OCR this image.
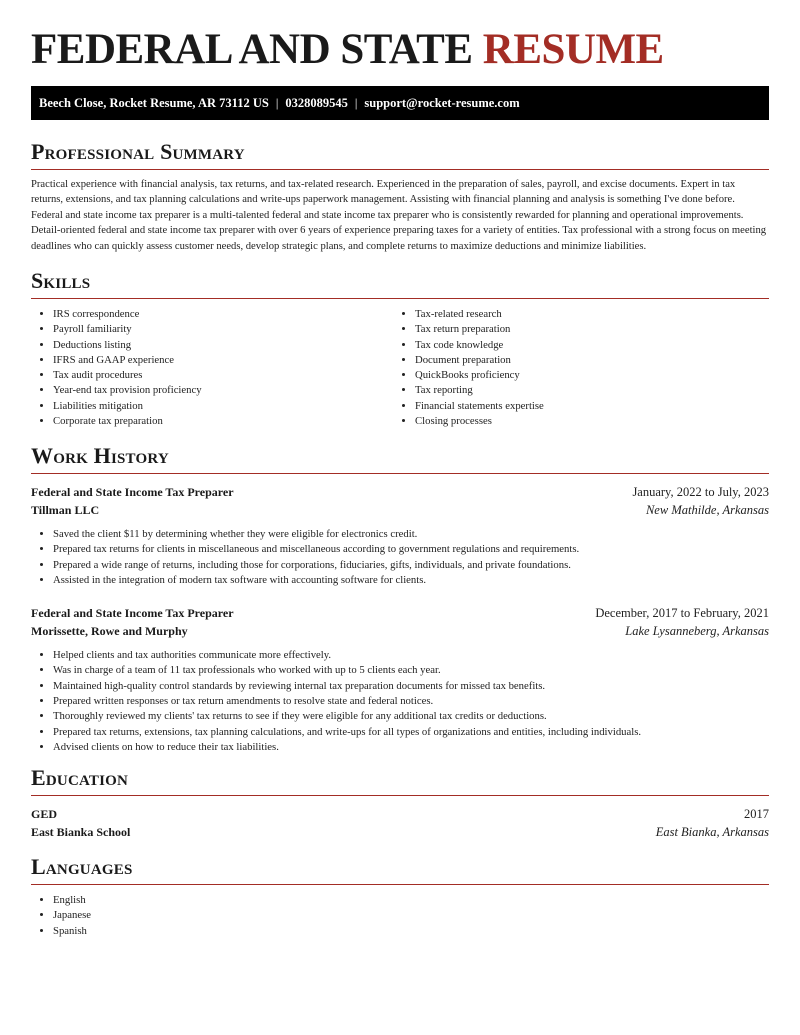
FEDERAL AND STATE RESUME
Beech Close, Rocket Resume, AR 73112 US | 0328089545 | support@rocket-resume.com
Professional Summary

Practical experience with financial analysis, tax returns, and tax-related research. Experienced in the preparation of sales, payroll, and excise documents. Expert in tax returns, extensions, and tax planning calculations and write-ups paperwork management. Assisting with financial planning and analysis is something I've done before. Federal and state income tax preparer is a multi-talented federal and state income tax preparer who is consistently rewarded for planning and operational improvements. Detail-oriented federal and state income tax preparer with over 6 years of experience preparing taxes for a variety of entities. Tax professional with a strong focus on meeting deadlines who can quickly assess customer needs, develop strategic plans, and complete returns to maximize deductions and minimize liabilities.

Skills
• IRS correspondence
• Payroll familiarity
• Deductions listing
• IFRS and GAAP experience
• Tax audit procedures
• Year-end tax provision proficiency
• Liabilities mitigation
• Corporate tax preparation
• Tax-related research
• Tax return preparation
• Tax code knowledge
• Document preparation
• QuickBooks proficiency
• Tax reporting
• Financial statements expertise
• Closing processes
Work History
Federal and State Income Tax Preparer	January, 2022 to July, 2023
Tillman LLC	New Mathilde, Arkansas
• Saved the client $11 by determining whether they were eligible for electronics credit.
• Prepared tax returns for clients in miscellaneous and miscellaneous according to government regulations and requirements.
• Prepared a wide range of returns, including those for corporations, fiduciaries, gifts, individuals, and private foundations.
• Assisted in the integration of modern tax software with accounting software for clients.
Federal and State Income Tax Preparer	December, 2017 to February, 2021
Morissette, Rowe and Murphy	Lake Lysanneberg, Arkansas
• Helped clients and tax authorities communicate more effectively.
• Was in charge of a team of 11 tax professionals who worked with up to 5 clients each year.
• Maintained high-quality control standards by reviewing internal tax preparation documents for missed tax benefits.
• Prepared written responses or tax return amendments to resolve state and federal notices.
• Thoroughly reviewed my clients' tax returns to see if they were eligible for any additional tax credits or deductions.
• Prepared tax returns, extensions, tax planning calculations, and write-ups for all types of organizations and entities, including individuals.
• Advised clients on how to reduce their tax liabilities.
Education
GED	2017
East Bianka School	East Bianka, Arkansas
Languages
• English
• Japanese
• Spanish
